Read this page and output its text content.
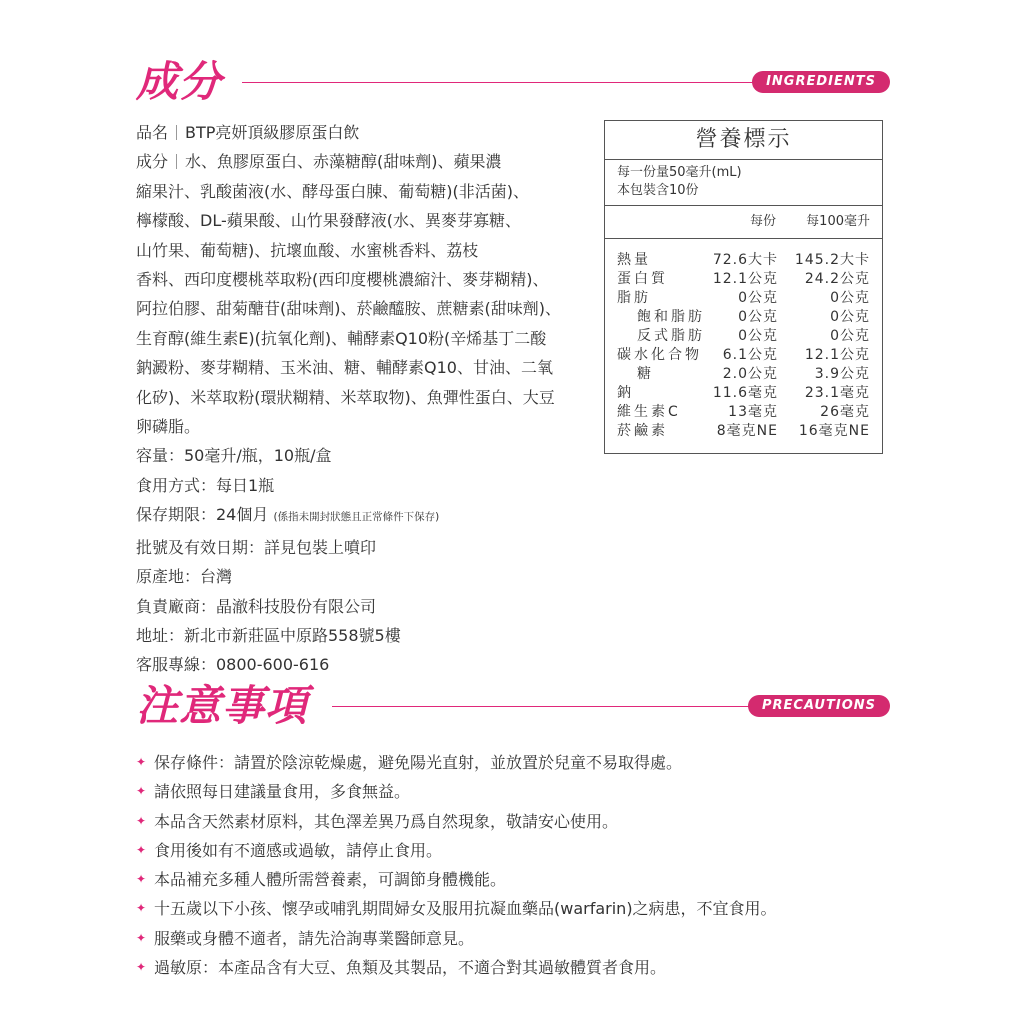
成分	INGREDIENTS
品名 BTP亮妍頂級膠原蛋白飲
成分 水、魚膠原蛋白、赤藻糖醇(甜味劑)、蘋果濃
縮果汁、乳酸菌液(水、酵母蛋白腖、葡萄糖)(非活菌)、
檸檬酸、DL-蘋果酸、山竹果發酵液(水、異麥芽寡糖、
山竹果、葡萄糖)、抗壞血酸、水蜜桃香料、荔枝
香料、西印度櫻桃萃取粉(西印度櫻桃濃縮汁、麥芽糊精)、
阿拉伯膠、甜菊醣苷(甜味劑)、菸鹼醯胺、蔗糖素(甜味劑)、
生育醇(維生素E)(抗氧化劑)、輔酵素Q10粉(辛烯基丁二酸
鈉澱粉、麥芽糊精、玉米油、糖、輔酵素Q10、甘油、二氧
化矽)、米萃取粉(環狀糊精、米萃取物)、魚彈性蛋白、大豆
卵磷脂。
容量：50毫升/瓶，10瓶/盒
食用方式：每日1瓶
保存期限：24個月 (係指未開封狀態且正常條件下保存)
批號及有效日期：詳見包裝上噴印
原產地：台灣
負責廠商：晶澈科技股份有限公司
地址：新北市新莊區中原路558號5樓
客服專線：0800-600-616
營養標示
每一份量50毫升(mL)
本包裝含10份
每份 每100毫升
熱量	72.6大卡 145.2大卡
蛋白質	12.1公克 24.2公克
脂肪	0公克	0公克
飽和脂肪 0公克	0公克
反式脂肪 0公克	0公克
碳水化合物 6.1公克 12.1公克
糖	2.0公克	3.9公克
鈉	11.6毫克 23.1毫克
維生素C	13毫克	26毫克
菸鹼素	8毫克NE 16毫克NE
注意事項	PRECAUTIONS
✦ 保存條件：請置於陰涼乾燥處，避免陽光直射，並放置於兒童不易取得處。
✦ 請依照每日建議量食用，多食無益。
✦ 本品含天然素材原料，其色澤差異乃爲自然現象，敬請安心使用。
✦ 食用後如有不適感或過敏，請停止食用。
✦ 本品補充多種人體所需營養素，可調節身體機能。
✦ 十五歲以下小孩、懷孕或哺乳期間婦女及服用抗凝血藥品(warfarin)之病患，不宜食用。
✦ 服藥或身體不適者，請先洽詢專業醫師意見。
✦ 過敏原：本產品含有大豆、魚類及其製品，不適合對其過敏體質者食用。
